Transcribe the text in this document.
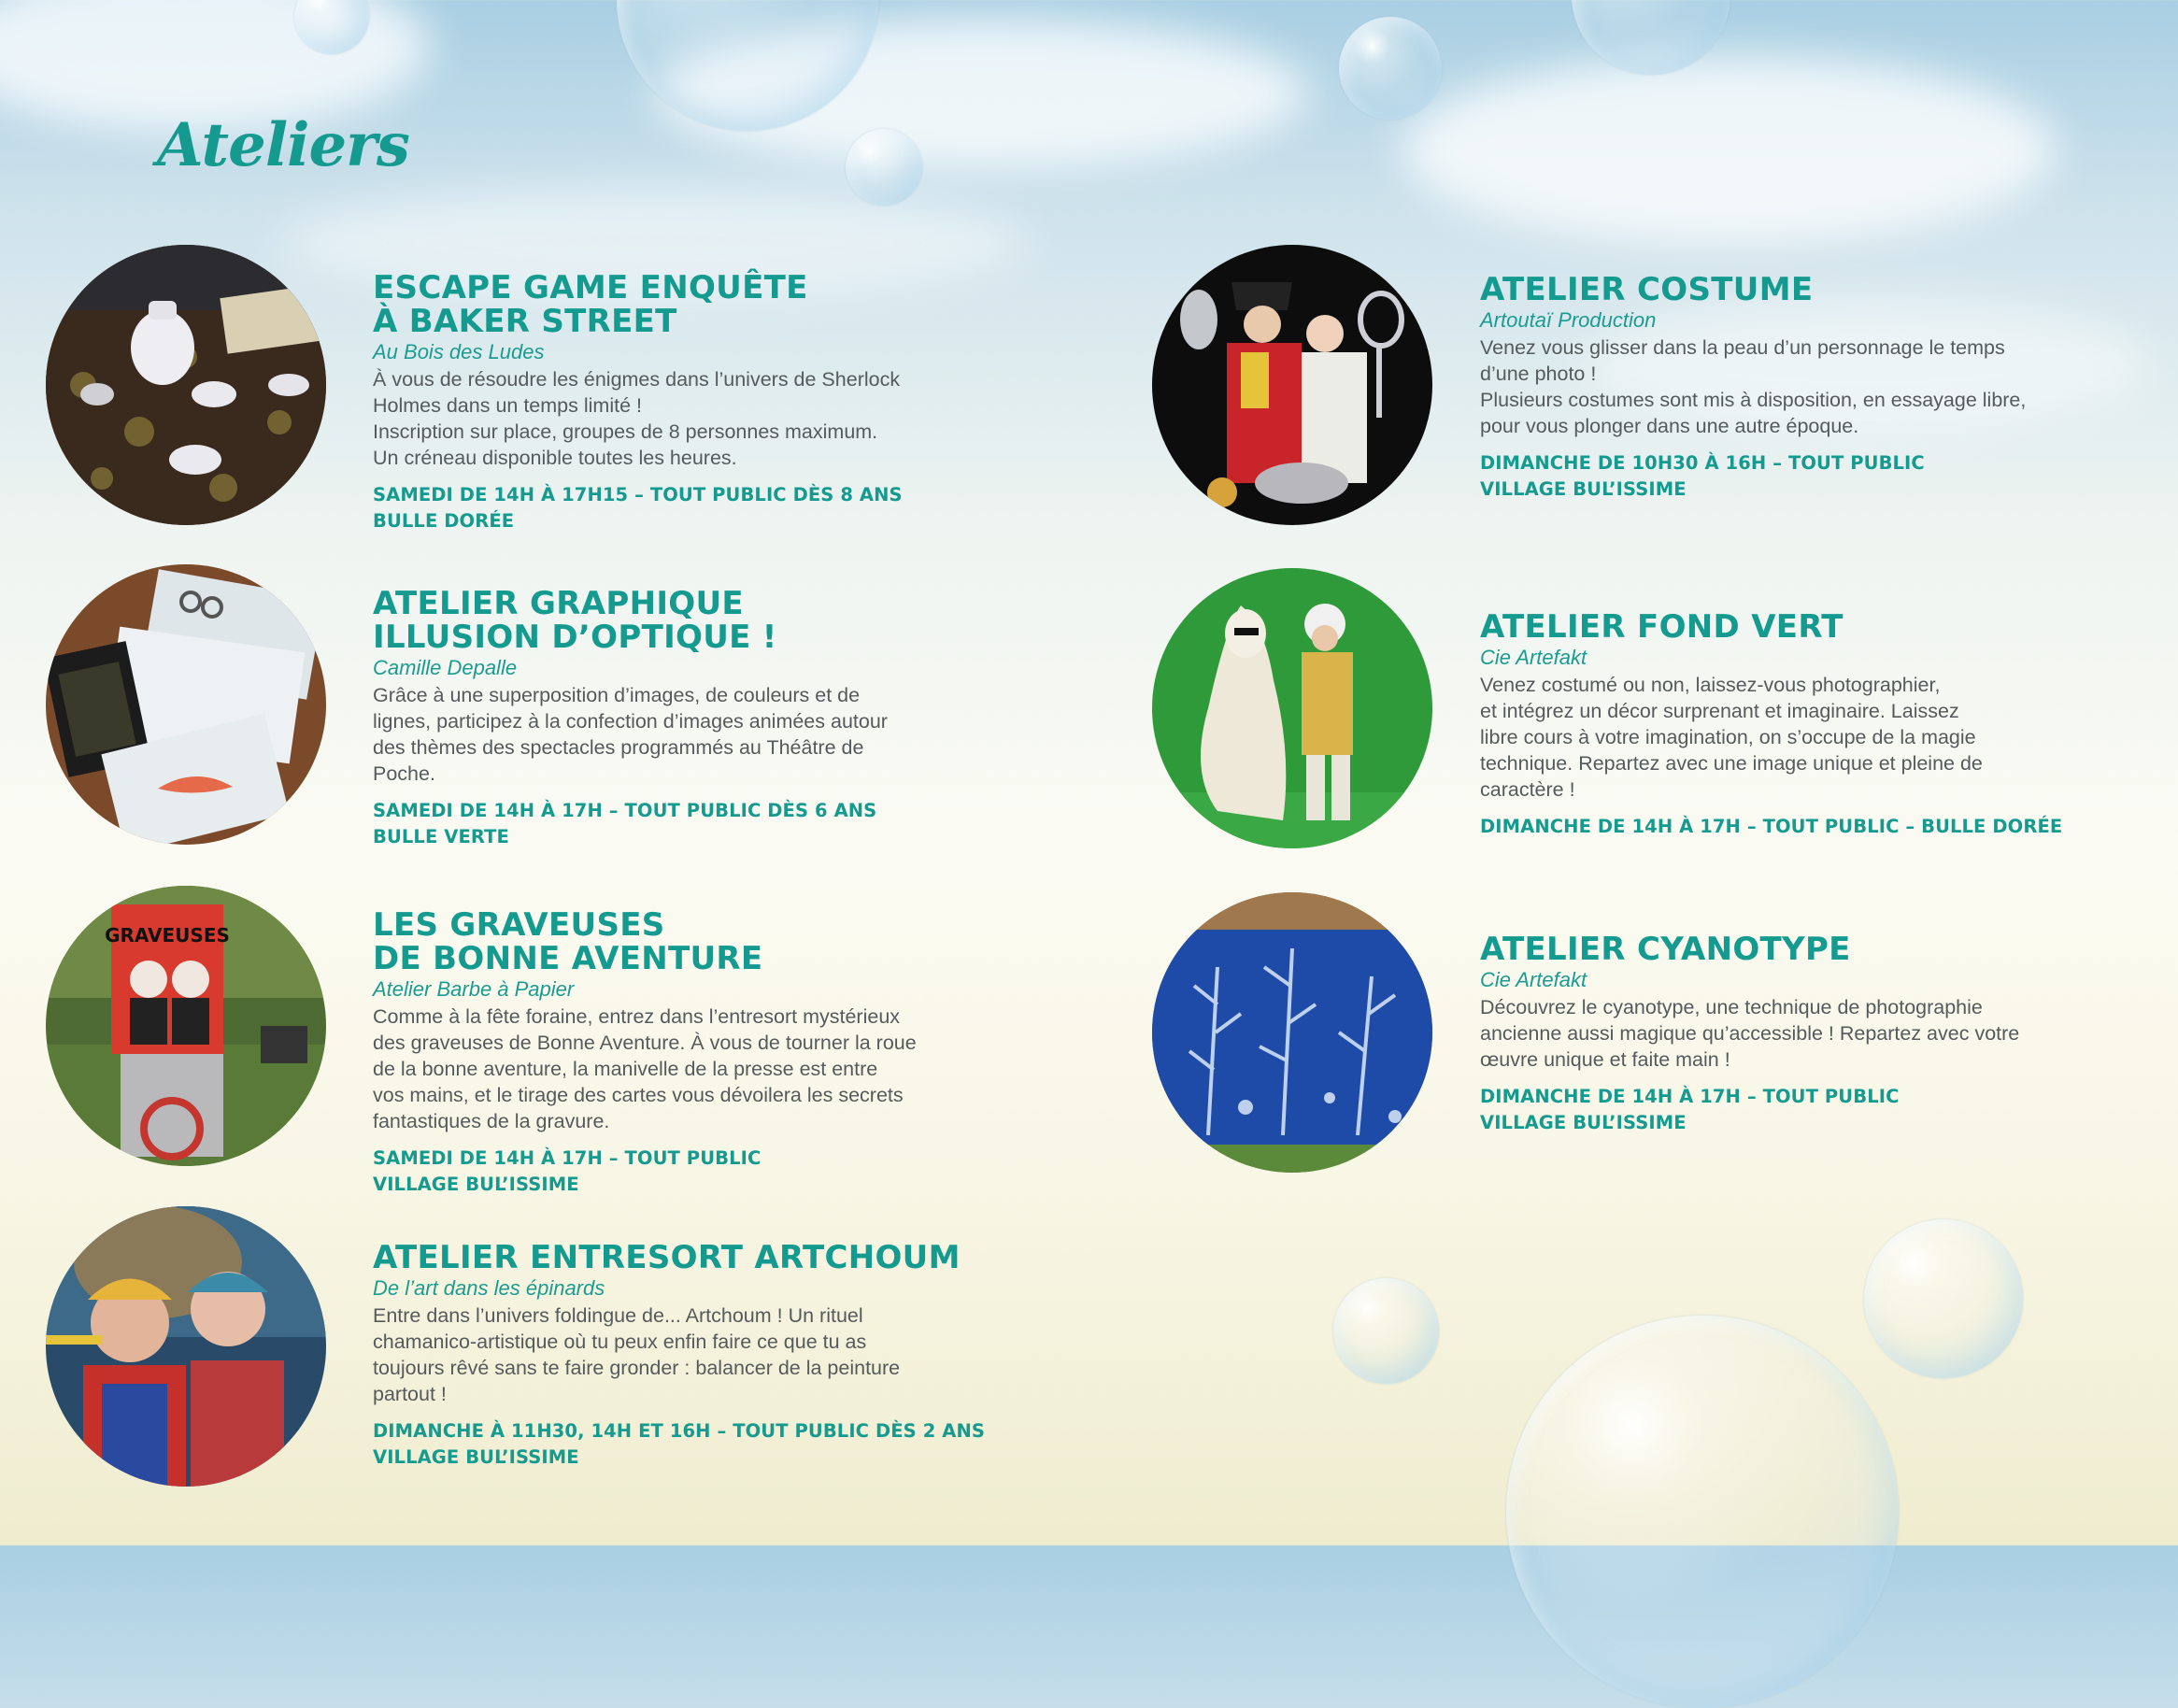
Ateliers
ESCAPE GAME ENQUÊTE
À BAKER STREET

Au Bois des Ludes

À vous de résoudre les énigmes dans l’univers de Sherlock
Holmes dans un temps limité !
Inscription sur place, groupes de 8 personnes maximum.
Un créneau disponible toutes les heures.

SAMEDI DE 14H À 17H15 – TOUT PUBLIC DÈS 8 ANS
BULLE DORÉE

ATELIER GRAPHIQUE
ILLUSION D’OPTIQUE !

Camille Depalle

Grâce à une superposition d’images, de couleurs et de
lignes, participez à la confection d’images animées autour
des thèmes des spectacles programmés au Théâtre de
Poche.

SAMEDI DE 14H À 17H – TOUT PUBLIC DÈS 6 ANS
BULLE VERTE

GRAVEUSES	LES GRAVEUSES
DE BONNE AVENTURE

Atelier Barbe à Papier

Comme à la fête foraine, entrez dans l’entresort mystérieux
des graveuses de Bonne Aventure. À vous de tourner la roue
de la bonne aventure, la manivelle de la presse est entre
vos mains, et le tirage des cartes vous dévoilera les secrets
fantastiques de la gravure.

SAMEDI DE 14H À 17H – TOUT PUBLIC
VILLAGE BUL’ISSIME

ATELIER ENTRESORT ARTCHOUM

De l’art dans les épinards

Entre dans l’univers foldingue de... Artchoum ! Un rituel
chamanico-artistique où tu peux enfin faire ce que tu as
toujours rêvé sans te faire gronder : balancer de la peinture
partout !

DIMANCHE À 11H30, 14H ET 16H – TOUT PUBLIC DÈS 2 ANS
VILLAGE BUL’ISSIME

ATELIER COSTUME

Artoutaï Production

Venez vous glisser dans la peau d’un personnage le temps
d’une photo !
Plusieurs costumes sont mis à disposition, en essayage libre,
pour vous plonger dans une autre époque.

DIMANCHE DE 10H30 À 16H – TOUT PUBLIC
VILLAGE BUL’ISSIME

ATELIER FOND VERT

Cie Artefakt

Venez costumé ou non, laissez-vous photographier,
et intégrez un décor surprenant et imaginaire. Laissez
libre cours à votre imagination, on s’occupe de la magie
technique. Repartez avec une image unique et pleine de
caractère !

DIMANCHE DE 14H À 17H – TOUT PUBLIC – BULLE DORÉE

ATELIER CYANOTYPE

Cie Artefakt

Découvrez le cyanotype, une technique de photographie
ancienne aussi magique qu’accessible ! Repartez avec votre
œuvre unique et faite main !

DIMANCHE DE 14H À 17H – TOUT PUBLIC
VILLAGE BUL’ISSIME
